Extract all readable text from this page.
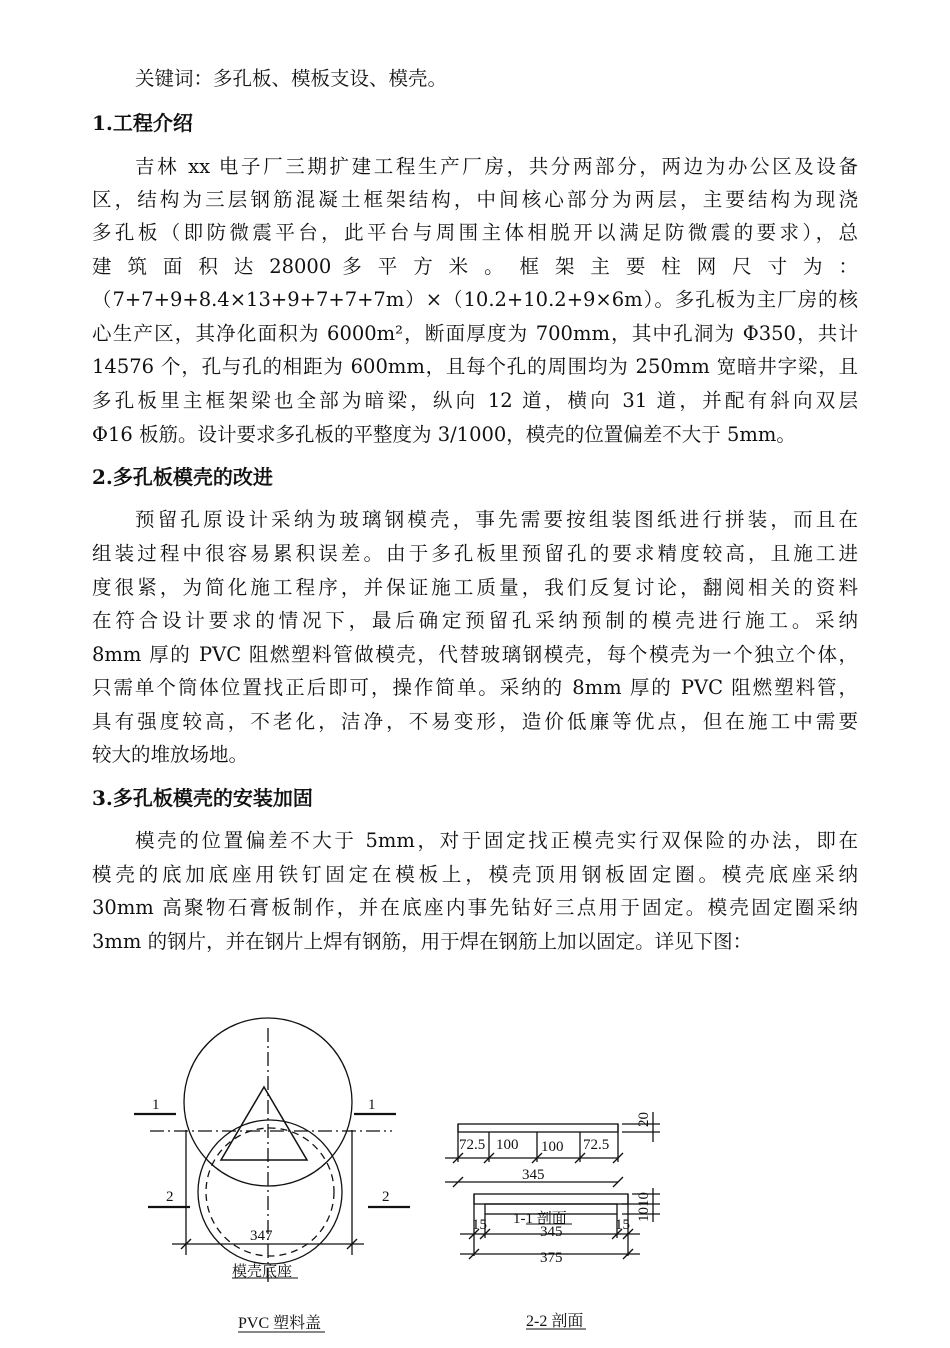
关键词：多孔板、模板支设、模壳。
1.工程介绍
吉林 xx 电子厂三期扩建工程生产厂房，共分两部分，两边为办公区及设备
区，结构为三层钢筋混凝土框架结构，中间核心部分为两层，主要结构为现浇
多孔板（即防微震平台，此平台与周围主体相脱开以满足防微震的要求），总
建 筑 面 积 达 28000 多 平 方 米 。 框 架 主 要 柱 网 尺 寸 为 ：
（7+7+9+8.4×13+9+7+7+7m）×（10.2+10.2+9×6m）。多孔板为主厂房的核
心生产区，其净化面积为 6000m²，断面厚度为 700mm，其中孔洞为 Φ350，共计
14576 个，孔与孔的相距为 600mm，且每个孔的周围均为 250mm 宽暗井字梁，且
多孔板里主框架梁也全部为暗梁，纵向 12 道，横向 31 道，并配有斜向双层
Φ16 板筋。设计要求多孔板的平整度为 3/1000，模壳的位置偏差不大于 5mm。
2.多孔板模壳的改进
预留孔原设计采纳为玻璃钢模壳，事先需要按组装图纸进行拼装，而且在
组装过程中很容易累积误差。由于多孔板里预留孔的要求精度较高，且施工进
度很紧，为简化施工程序，并保证施工质量，我们反复讨论，翻阅相关的资料
在符合设计要求的情况下，最后确定预留孔采纳预制的模壳进行施工。采纳
8mm 厚的 PVC 阻燃塑料管做模壳，代替玻璃钢模壳，每个模壳为一个独立个体，
只需单个筒体位置找正后即可，操作简单。采纳的 8mm 厚的 PVC 阻燃塑料管，
具有强度较高，不老化，洁净，不易变形，造价低廉等优点，但在施工中需要
较大的堆放场地。
3.多孔板模壳的安装加固
模壳的位置偏差不大于 5mm，对于固定找正模壳实行双保险的办法，即在
模壳的底加底座用铁钉固定在模板上，模壳顶用钢板固定圈。模壳底座采纳
30mm 高聚物石膏板制作，并在底座内事先钻好三点用于固定。模壳固定圈采纳
3mm 的钢片，并在钢片上焊有钢筋，用于焊在钢筋上加以固定。详见下图：
1	1
2	2
347
模壳底座
PVC 塑料盖
72.5 100 100 72.5
345
1-1 剖面
15	15
345
375
20
1010
2-2 剖面
